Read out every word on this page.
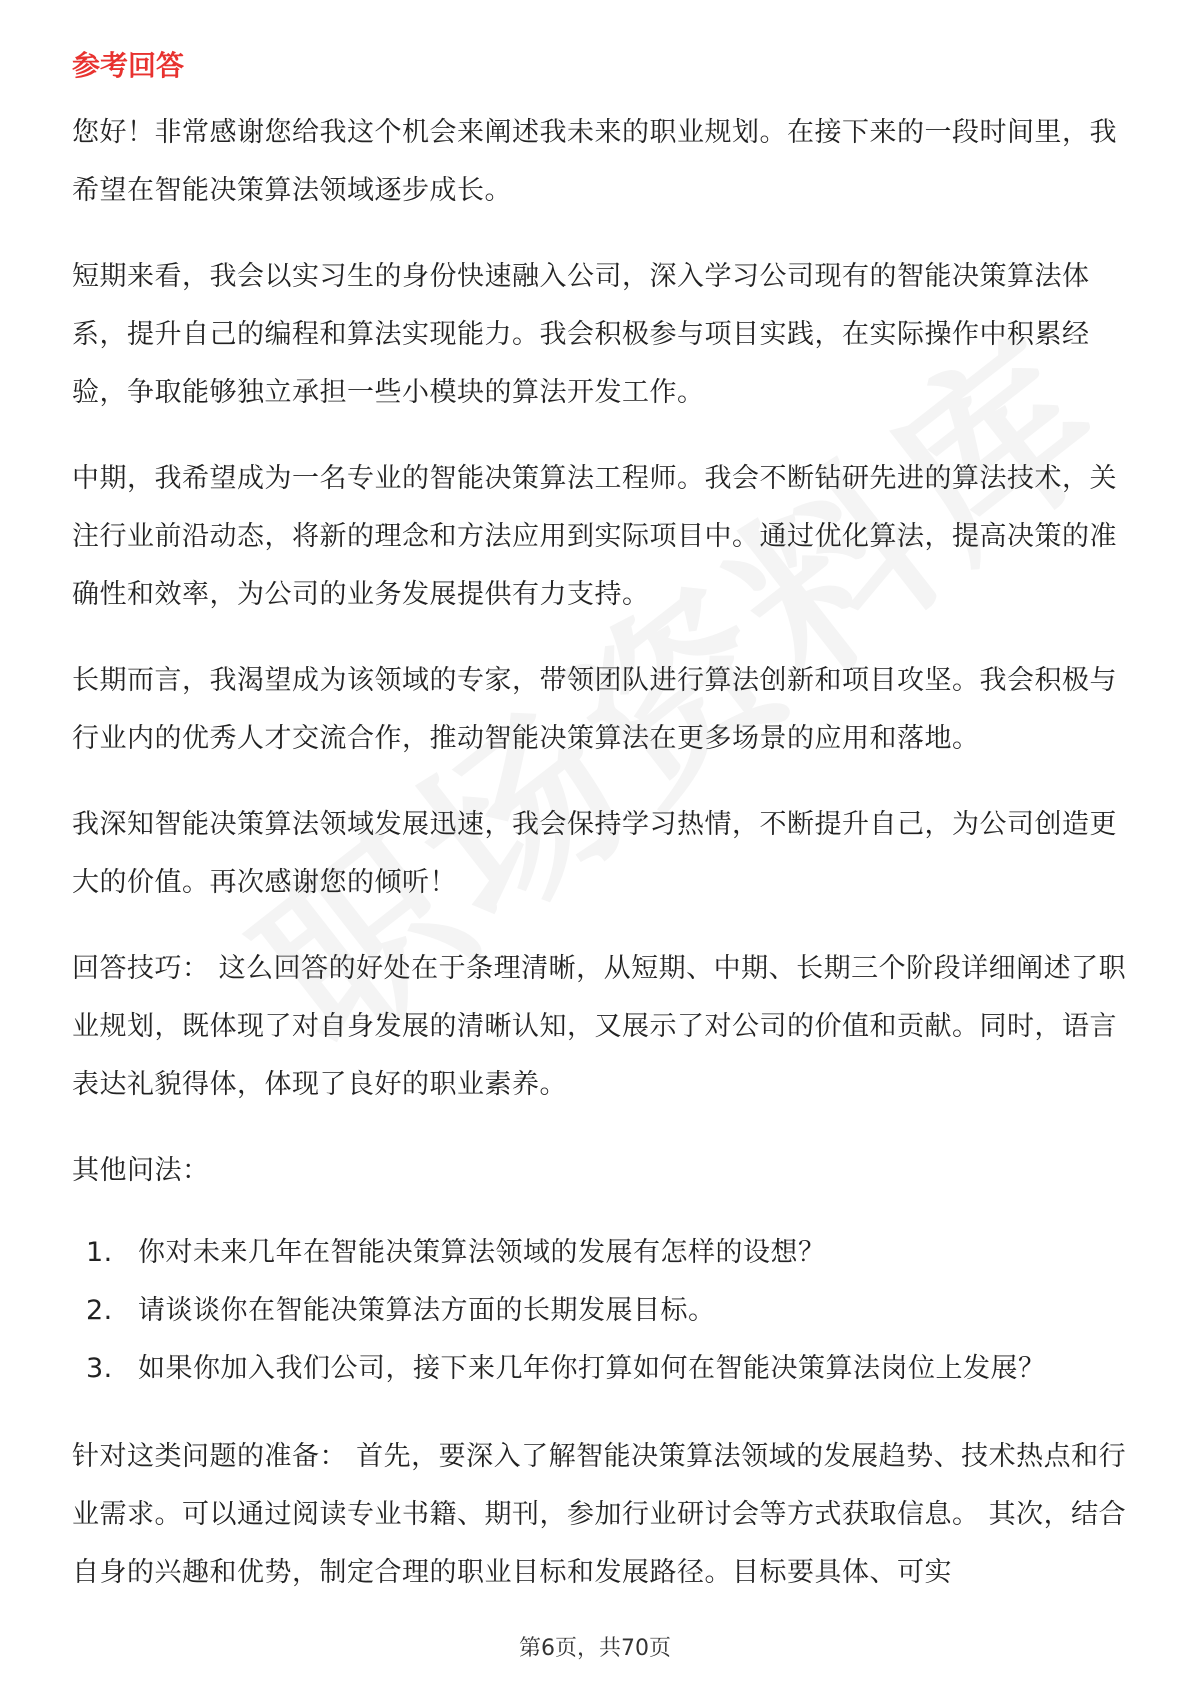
参考回答

您好！非常感谢您给我这个机会来阐述我未来的职业规划。在接下来的一段时间里，我希望在智能决策算法领域逐步成长。

短期来看，我会以实习生的身份快速融入公司，深入学习公司现有的智能决策算法体系，提升自己的编程和算法实现能力。我会积极参与项目实践，在实际操作中积累经验，争取能够独立承担一些小模块的算法开发工作。

中期，我希望成为一名专业的智能决策算法工程师。我会不断钻研先进的算法技术，关注行业前沿动态，将新的理念和方法应用到实际项目中。通过优化算法，提高决策的准确性和效率，为公司的业务发展提供有力支持。

长期而言，我渴望成为该领域的专家，带领团队进行算法创新和项目攻坚。我会积极与行业内的优秀人才交流合作，推动智能决策算法在更多场景的应用和落地。

我深知智能决策算法领域发展迅速，我会保持学习热情，不断提升自己，为公司创造更大的价值。再次感谢您的倾听！

回答技巧： 这么回答的好处在于条理清晰，从短期、中期、长期三个阶段详细阐述了职业规划，既体现了对自身发展的清晰认知，又展示了对公司的价值和贡献。同时，语言表达礼貌得体，体现了良好的职业素养。

其他问法：

1. 你对未来几年在智能决策算法领域的发展有怎样的设想？
2. 请谈谈你在智能决策算法方面的长期发展目标。
3. 如果你加入我们公司，接下来几年你打算如何在智能决策算法岗位上发展？

针对这类问题的准备： 首先，要深入了解智能决策算法领域的发展趋势、技术热点和行业需求。可以通过阅读专业书籍、期刊，参加行业研讨会等方式获取信息。 其次，结合自身的兴趣和优势，制定合理的职业目标和发展路径。目标要具体、可实

第6页，共70页
